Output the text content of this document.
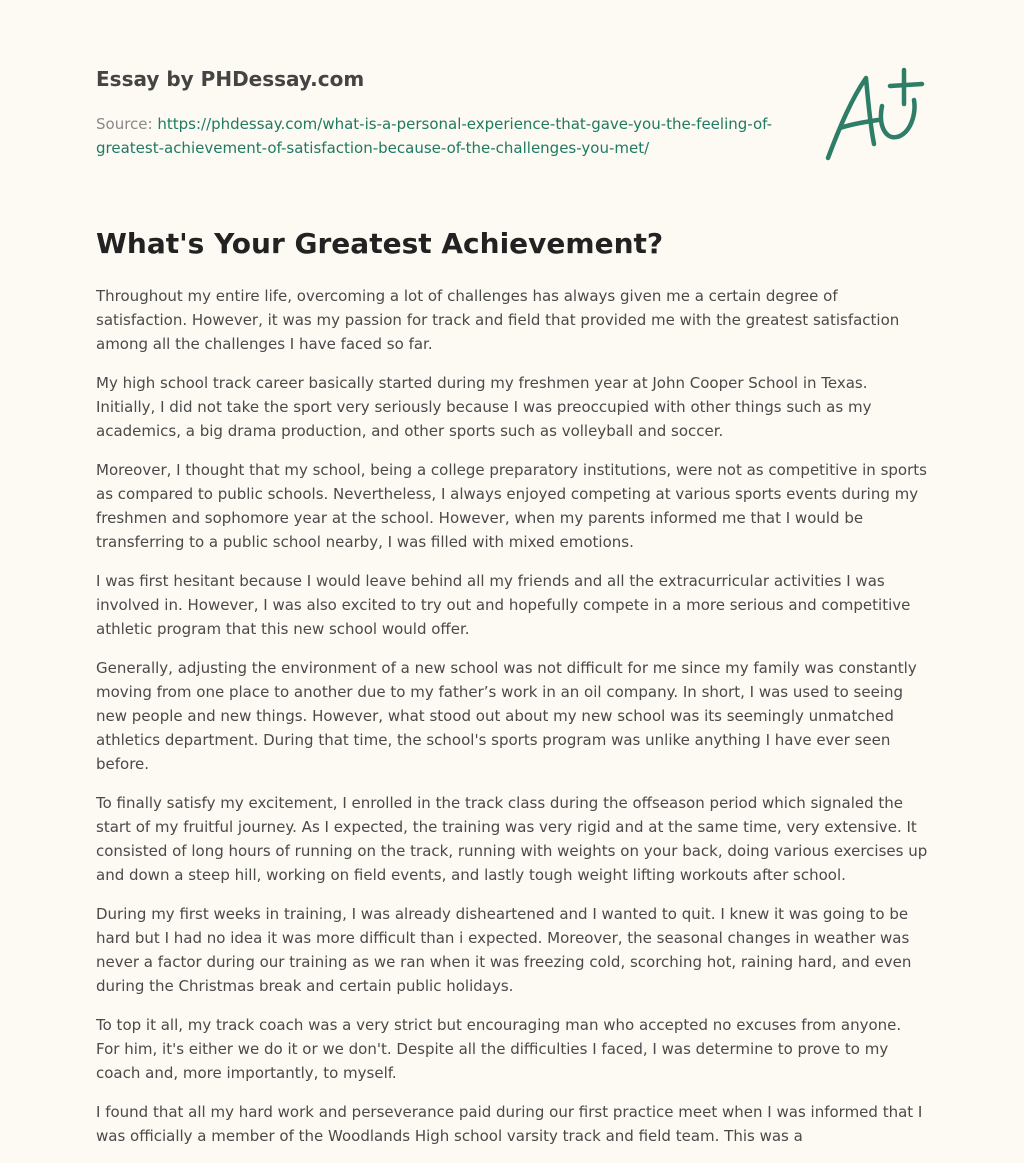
Essay by PHDessay.com
Source: https://phdessay.com/what-is-a-personal-experience-that-gave-you-the-feeling-of-greatest-achievement-of-satisfaction-because-of-the-challenges-you-met/
What's Your Greatest Achievement?

Throughout my entire life, overcoming a lot of challenges has always given me a certain degree of satisfaction. However, it was my passion for track and field that provided me with the greatest satisfaction among all the challenges I have faced so far.

My high school track career basically started during my freshmen year at John Cooper School in Texas. Initially, I did not take the sport very seriously because I was preoccupied with other things such as my academics, a big drama production, and other sports such as volleyball and soccer.

Moreover, I thought that my school, being a college preparatory institutions, were not as competitive in sports as compared to public schools. Nevertheless, I always enjoyed competing at various sports events during my freshmen and sophomore year at the school. However, when my parents informed me that I would be transferring to a public school nearby, I was filled with mixed emotions.

I was first hesitant because I would leave behind all my friends and all the extracurricular activities I was involved in. However, I was also excited to try out and hopefully compete in a more serious and competitive athletic program that this new school would offer.

Generally, adjusting the environment of a new school was not difficult for me since my family was constantly moving from one place to another due to my father’s work in an oil company. In short, I was used to seeing new people and new things. However, what stood out about my new school was its seemingly unmatched athletics department. During that time, the school's sports program was unlike anything I have ever seen before.

To finally satisfy my excitement, I enrolled in the track class during the offseason period which signaled the start of my fruitful journey. As I expected, the training was very rigid and at the same time, very extensive. It consisted of long hours of running on the track, running with weights on your back, doing various exercises up and down a steep hill, working on field events, and lastly tough weight lifting workouts after school.

During my first weeks in training, I was already disheartened and I wanted to quit. I knew it was going to be hard but I had no idea it was more difficult than i expected. Moreover, the seasonal changes in weather was never a factor during our training as we ran when it was freezing cold, scorching hot, raining hard, and even during the Christmas break and certain public holidays.

To top it all, my track coach was a very strict but encouraging man who accepted no excuses from anyone. For him, it's either we do it or we don't. Despite all the difficulties I faced, I was determine to prove to my coach and, more importantly, to myself.

I found that all my hard work and perseverance paid during our first practice meet when I was informed that I was officially a member of the Woodlands High school varsity track and field team. This was a
